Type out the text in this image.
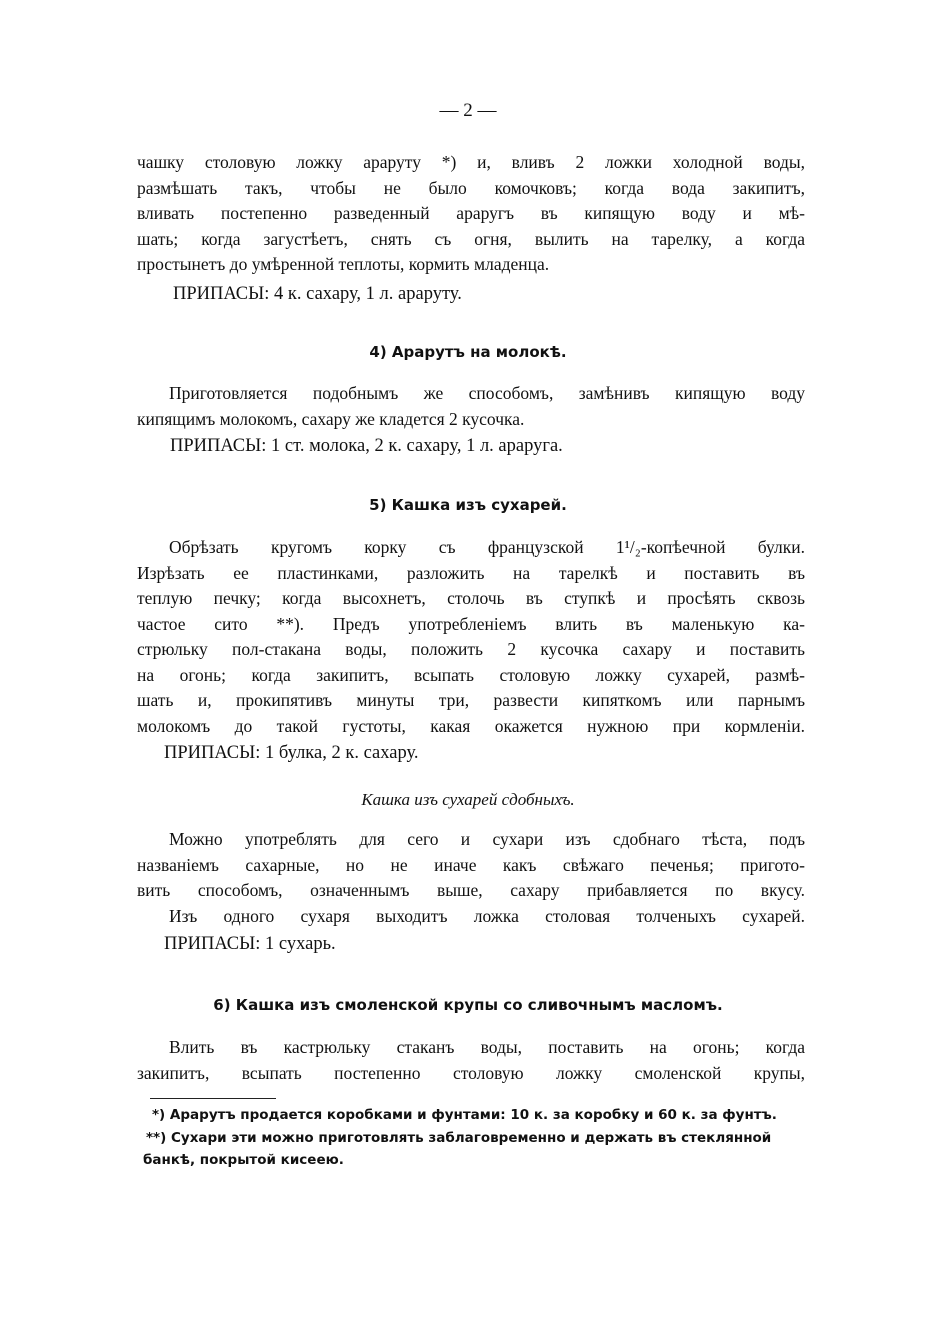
— 2 —
чашку столовую ложку араруту *) и, вливъ 2 ложки холодной воды,
размѣшать такъ, чтобы не было комочковъ; когда вода закипитъ,
вливать постепенно разведенный араругъ въ кипящую воду и мѣ-
шать; когда загустѣетъ, снять съ огня, вылить на тарелку, а когда
простынетъ до умѣренной теплоты, кормить младенца.
ПРИПАСЫ: 4 к. сахару, 1 л. араруту.
4) Арарутъ на молокѣ.
Приготовляется подобнымъ же способомъ, замѣнивъ кипящую воду
кипящимъ молокомъ, сахару же кладется 2 кусочка.
ПРИПАСЫ: 1 ст. молока, 2 к. сахару, 1 л. араруга.
5) Кашка изъ сухарей.
Обрѣзать кругомъ корку съ французской 1¹/₂-копѣечной булки.
Изрѣзать ее пластинками, разложить на тарелкѣ и поставить въ
теплую печку; когда высохнетъ, столочь въ ступкѣ и просѣять сквозь
частое сито **). Предъ употребленіемъ влить въ маленькую ка-
стрюльку пол-стакана воды, положить 2 кусочка сахару и поставить
на огонь; когда закипитъ, всыпать столовую ложку сухарей, размѣ-
шать и, прокипятивъ минуты три, развести кипяткомъ или парнымъ
молокомъ до такой густоты, какая окажется нужною при кормленіи.
ПРИПАСЫ: 1 булка, 2 к. сахару.
Кашка изъ сухарей сдобныхъ.
Можно употреблять для сего и сухари изъ сдобнаго тѣста, подъ
названіемъ сахарные, но не иначе какъ свѣжаго печенья; пригото-
вить способомъ, означеннымъ выше, сахару прибавляется по вкусу.
Изъ одного сухаря выходитъ ложка столовая толченыхъ сухарей.
ПРИПАСЫ: 1 сухарь.
6) Кашка изъ смоленской крупы со сливочнымъ масломъ.
Влить въ кастрюльку стаканъ воды, поставить на огонь; когда
закипитъ, всыпать постепенно столовую ложку смоленской крупы,
*) Арарутъ продается коробками и фунтами: 10 к. за коробку и 60 к. за фунтъ.
**) Сухари эти можно приготовлять заблаговременно и держать въ стеклянной
банкѣ, покрытой кисеею.
